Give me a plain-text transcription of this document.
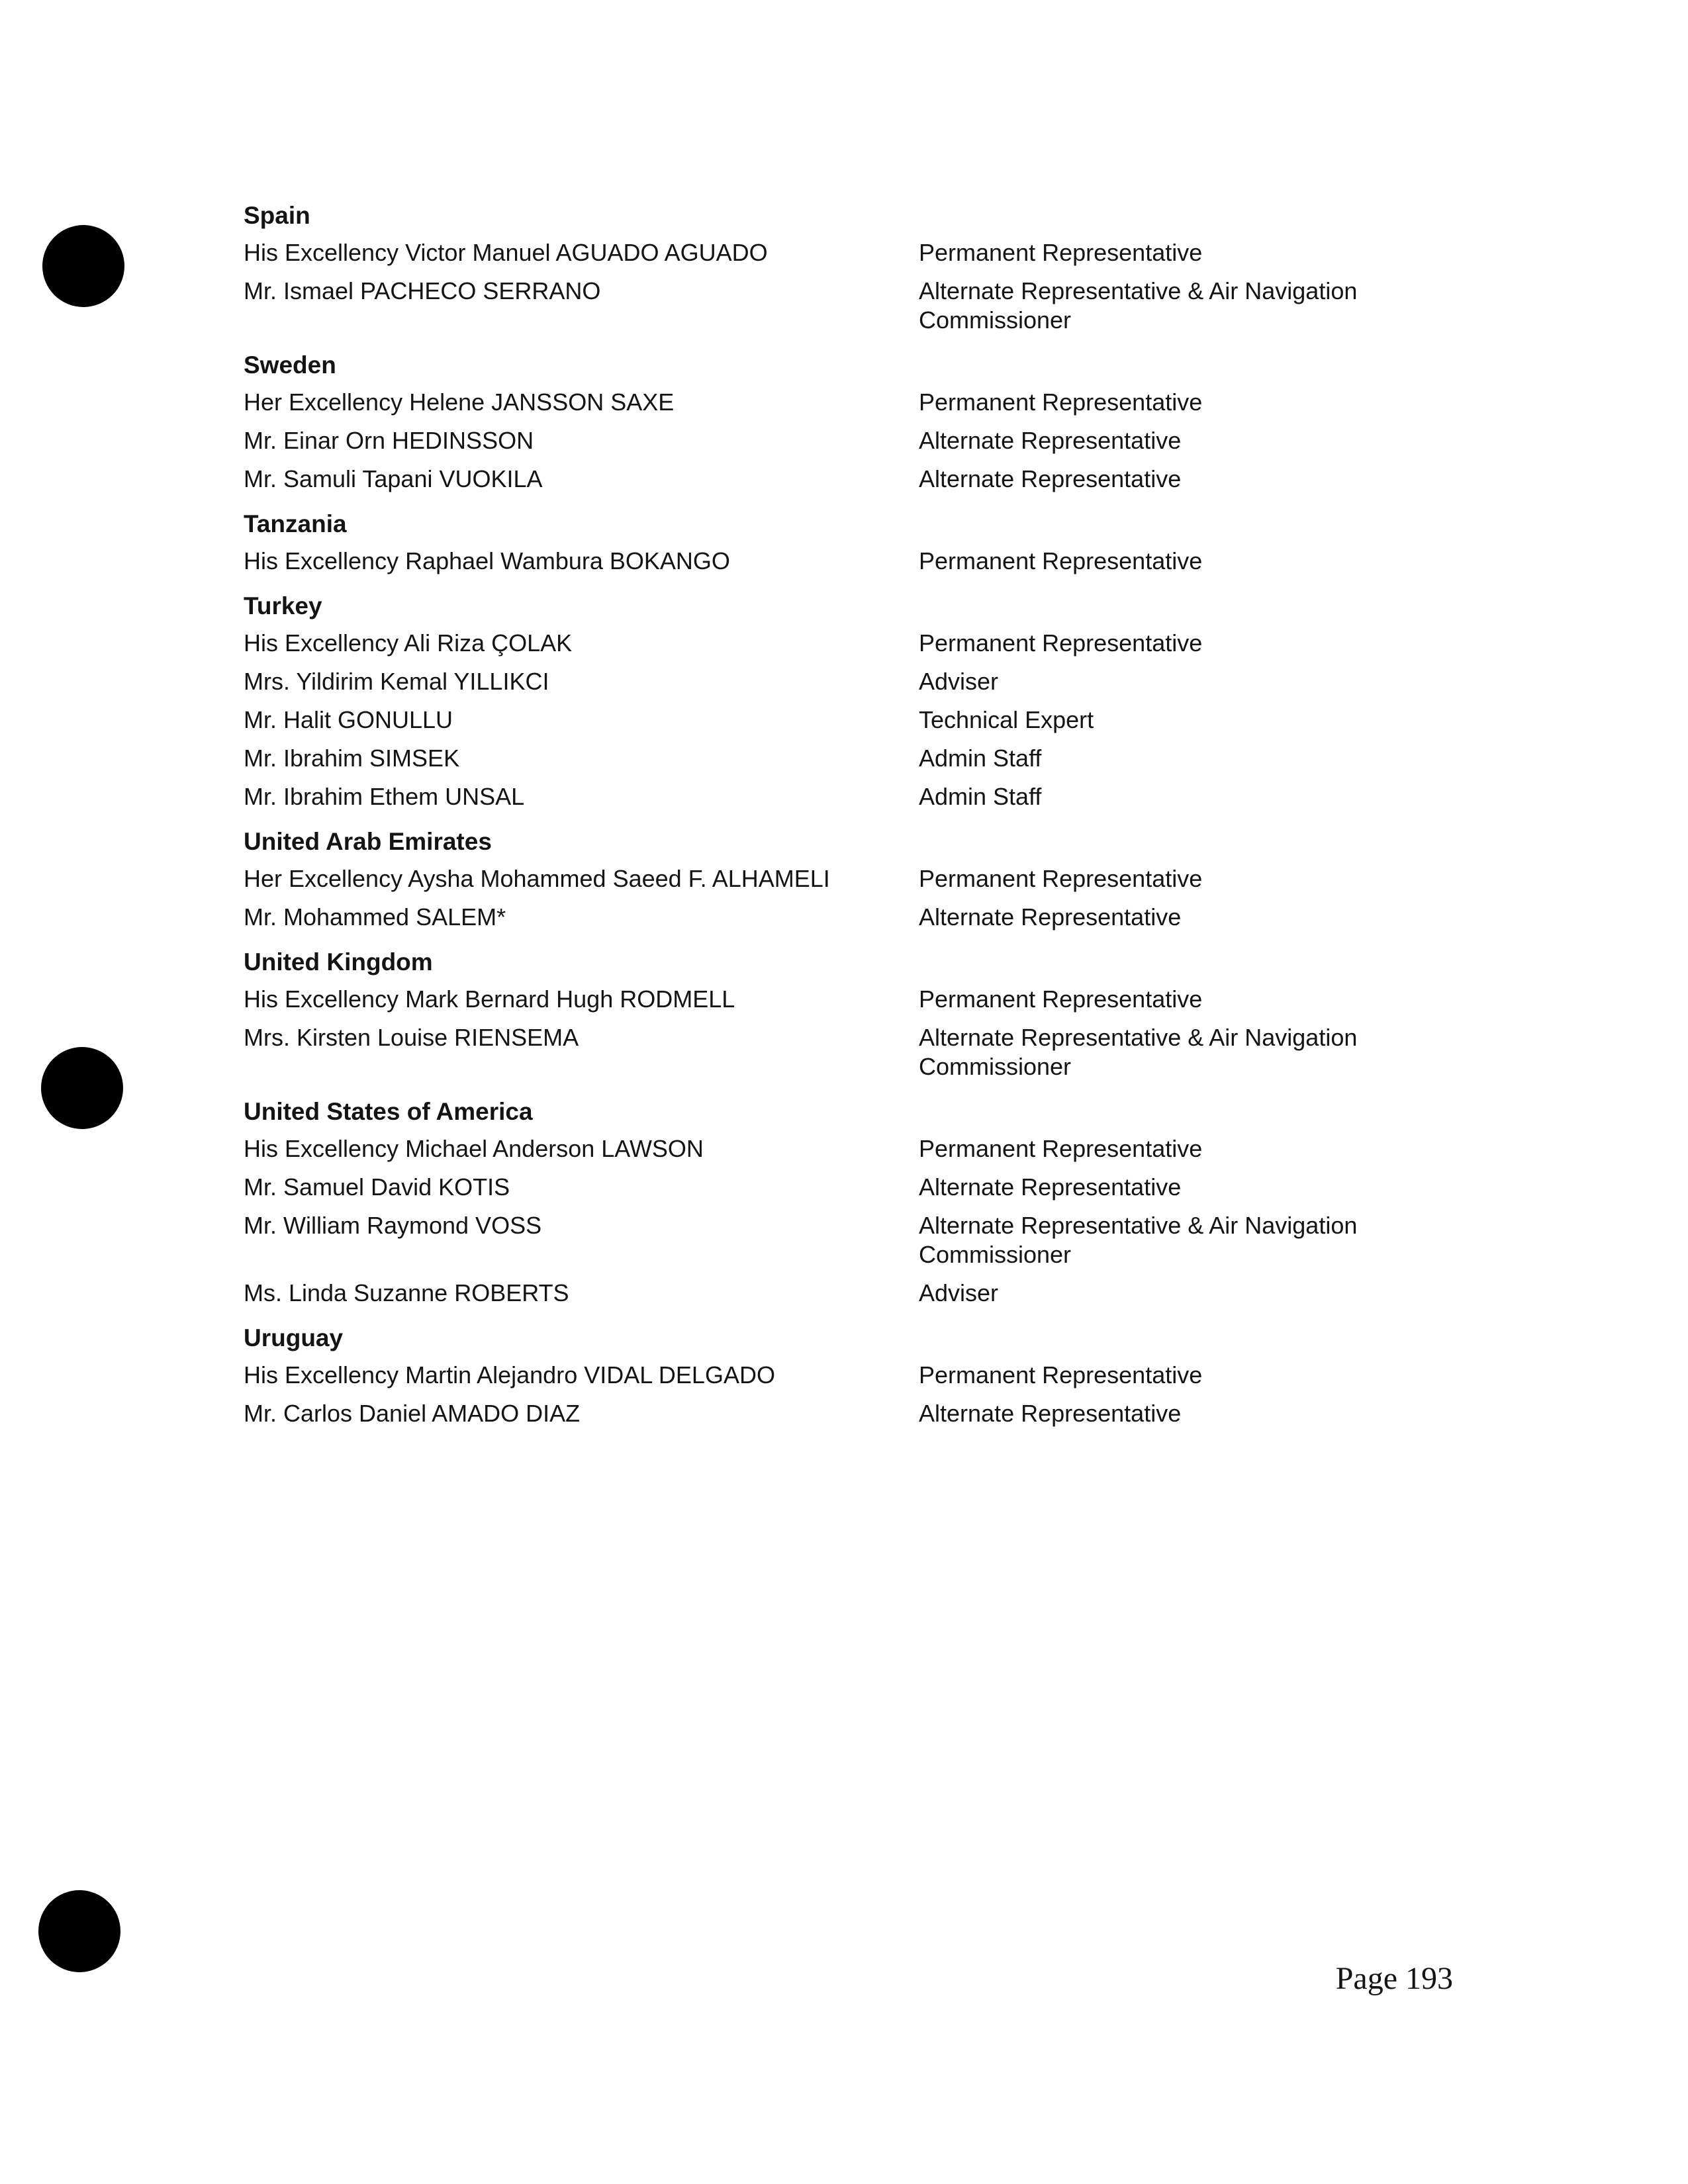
Spain
His Excellency Victor Manuel AGUADO AGUADO	Permanent Representative
Mr. Ismael PACHECO SERRANO	Alternate Representative & Air Navigation Commissioner
Sweden
Her Excellency Helene JANSSON SAXE	Permanent Representative
Mr. Einar Orn HEDINSSON	Alternate Representative
Mr. Samuli Tapani VUOKILA	Alternate Representative
Tanzania
His Excellency Raphael Wambura BOKANGO	Permanent Representative
Turkey
His Excellency Ali Riza ÇOLAK	Permanent Representative
Mrs. Yildirim Kemal YILLIKCI	Adviser
Mr. Halit GONULLU	Technical Expert
Mr. Ibrahim SIMSEK	Admin Staff
Mr. Ibrahim Ethem UNSAL	Admin Staff
United Arab Emirates
Her Excellency Aysha Mohammed Saeed F. ALHAMELI	Permanent Representative
Mr. Mohammed SALEM*	Alternate Representative
United Kingdom
His Excellency Mark Bernard Hugh RODMELL	Permanent Representative
Mrs. Kirsten Louise RIENSEMA	Alternate Representative & Air Navigation Commissioner
United States of America
His Excellency Michael Anderson LAWSON	Permanent Representative
Mr. Samuel David KOTIS	Alternate Representative
Mr. William Raymond VOSS	Alternate Representative & Air Navigation Commissioner
Ms. Linda Suzanne ROBERTS	Adviser
Uruguay
His Excellency Martin Alejandro VIDAL DELGADO	Permanent Representative
Mr. Carlos Daniel AMADO DIAZ	Alternate Representative
Page 193
